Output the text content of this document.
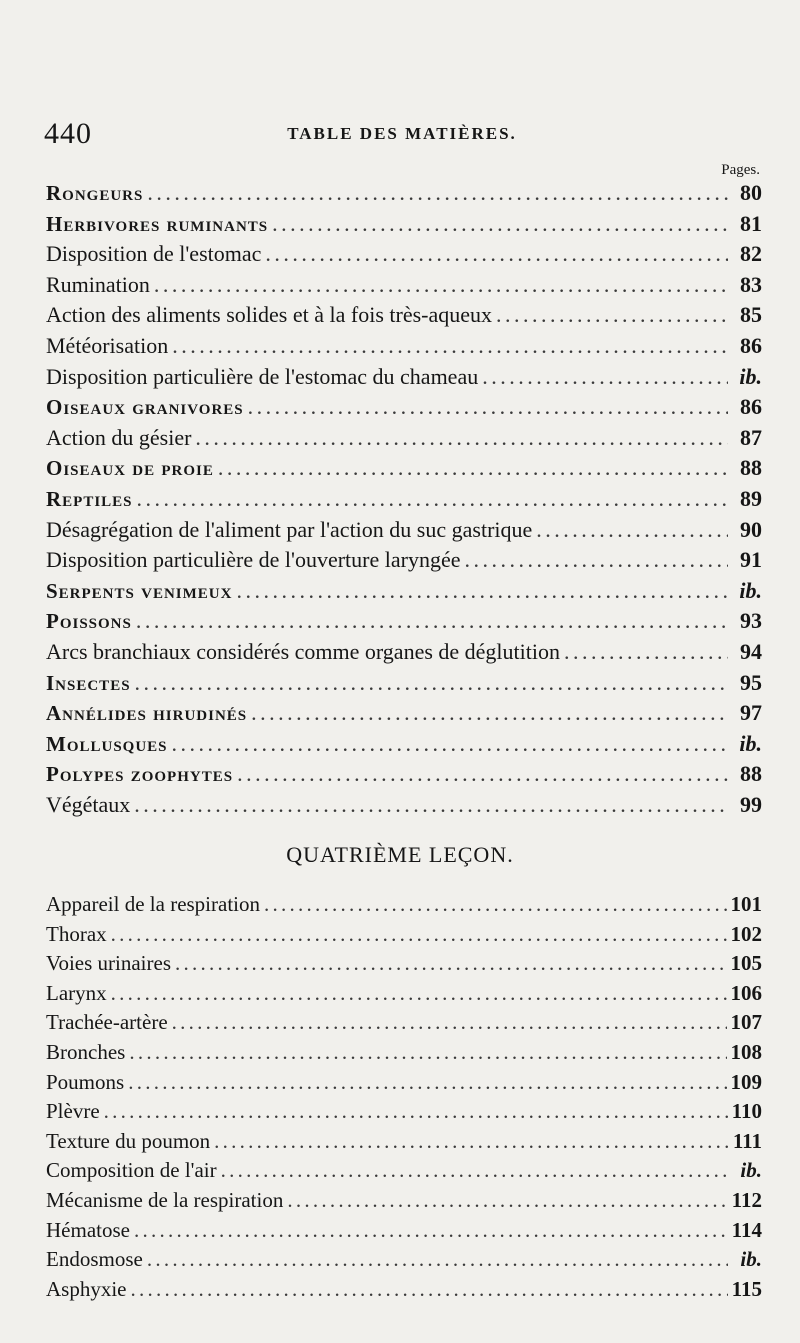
440	TABLE DES MATIÈRES.
Pages.
Rongeurs . . .	80
Herbivores ruminants . . .	81
Disposition de l'estomac . . .	82
Rumination . . .	83
Action des aliments solides et à la fois très-aqueux . . .	85
Météorisation . . .	86
Disposition particulière de l'estomac du chameau . . .	ib.
Oiseaux granivores . . .	86
Action du gésier . . .	87
Oiseaux de proie . . .	88
Reptiles . . .	89
Désagrégation de l'aliment par l'action du suc gastrique . . .	90
Disposition particulière de l'ouverture laryngée . . .	91
Serpents venimeux . . .	ib.
Poissons . . .	93
Arcs branchiaux considérés comme organes de déglutition . . .	94
Insectes . . .	95
Annélides hirudinés . . .	97
Mollusques . . .	ib.
Polypes zoophytes . . .	88
Végétaux . . .	99
QUATRIÈME LEÇON.
Appareil de la respiration . . .	101
Thorax . . .	102
Voies urinaires . . .	105
Larynx . . .	106
Trachée-artère . . .	107
Bronches . . .	108
Poumons . . .	109
Plèvre . . .	110
Texture du poumon . . .	111
Composition de l'air . . .	ib.
Mécanisme de la respiration . . .	112
Hématose . . .	114
Endosmose . . .	ib.
Asphyxie . . .	115
